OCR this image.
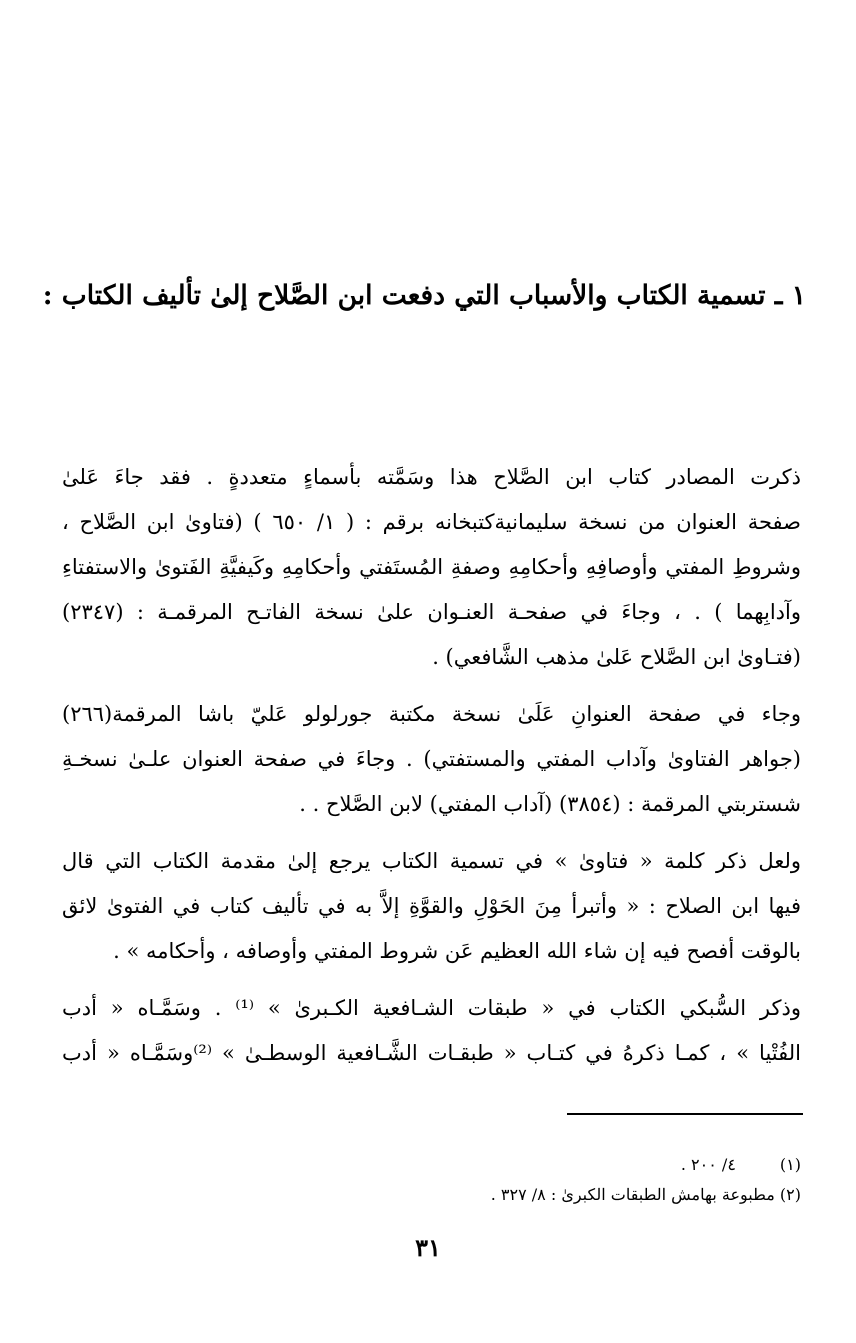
١ ـ تسمية الكتاب والأسباب التي دفعت ابن الصَّلاح إلىٰ تأليف الكتاب :
ذكرت المصادر كتاب ابن الصَّلاح هذا وسَمَّته بأسماءٍ متعددةٍ . فقد جاءَ عَلىٰ
صفحة العنوان من نسخة سليمانيةكتبخانه برقم : ( ١/ ٦٥٠ ) (فتاوىٰ ابن الصَّلاح ،
وشروطِ المفتي وأوصافِهِ وأحكامِهِ وصفةِ المُستَفتي وأحكامِهِ وكَيفيَّةِ الفَتوىٰ والاستفتاءِ
وآدابِهما ) . ، وجاءَ في صفحـة العنـوان علىٰ نسخة الفاتـح المرقمـة : (٢٣٤٧)
(فتـاوىٰ ابن الصَّلاح عَلىٰ مذهب الشَّافعي) .
وجاء في صفحة العنوانِ عَلَىٰ نسخة مكتبة جورلولو عَليّ باشا المرقمة(٢٦٦)
(جواهر الفتاوىٰ وآداب المفتي والمستفتي) . وجاءَ في صفحة العنوان علـىٰ نسخـةِ
شستربتي المرقمة : (٣٨٥٤) (آداب المفتي) لابن الصَّلاح . .
ولعل ذكر كلمة « فتاوىٰ » في تسمية الكتاب يرجع إلىٰ مقدمة الكتاب التي قال
فيها ابن الصلاح : « وأتبرأ مِنَ الحَوْلِ والقوَّةِ إلاَّ به في تأليف كتاب في الفتوىٰ لائق
بالوقت أفصح فيه إن شاء الله العظيم عَن شروط المفتي وأوصافه ، وأحكامه » .
وذكر السُّبكي الكتاب في « طبقات الشـافعية الكـبرىٰ » ⁽¹⁾ . وسَمَّـاه « أدب
الفُتْيا » ، كمـا ذكرهُ في كتـاب « طبقـات الشَّـافعية الوسطـىٰ » ⁽²⁾وسَمَّـاه « أدب
(١) ٤/ ٢٠٠ .
(٢) مطبوعة بهامش الطبقات الكبرىٰ : ٨/ ٣٢٧ .
٣١
